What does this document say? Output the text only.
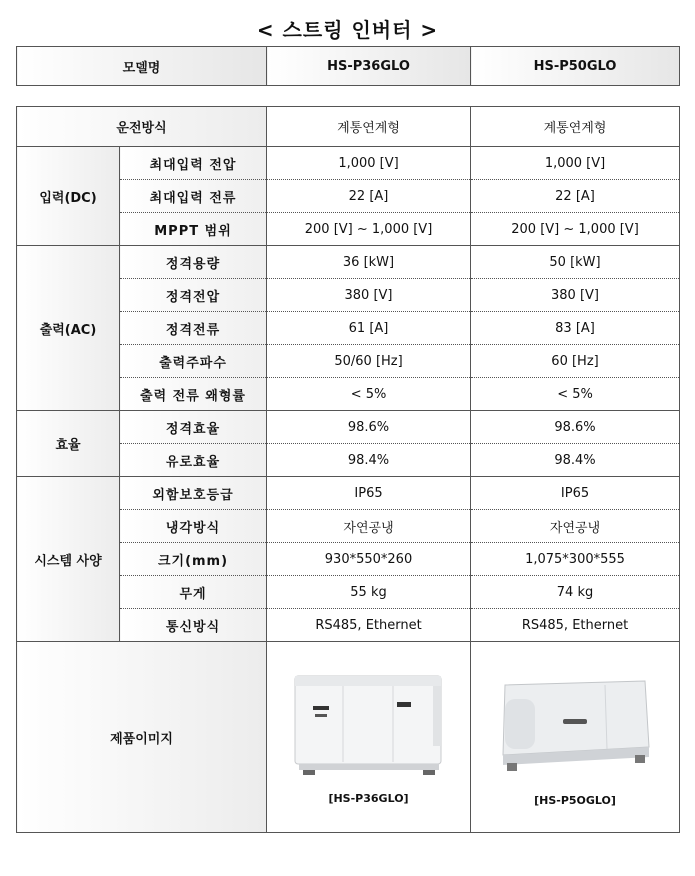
< 스트링 인버터 >
모델명	HS-P36GLO	HS-P50GLO
운전방식		계통연계형	계통연계형
입력(DC)	최대입력 전압	1,000 [V]	1,000 [V]
	최대입력 전류	22 [A]	22 [A]
	MPPT 범위	200 [V] ~ 1,000 [V]	200 [V] ~ 1,000 [V]
출력(AC)	정격용량	36 [kW]	50 [kW]
	정격전압	380 [V]	380 [V]
	정격전류	61 [A]	83 [A]
	출력주파수	50/60 [Hz]	60 [Hz]
	출력 전류 왜형률	< 5%	< 5%
효율	정격효율	98.6%	98.6%
	유로효율	98.4%	98.4%
시스템 사양	외함보호등급	IP65	IP65
	냉각방식	자연공냉	자연공냉
	크기(mm)	930*550*260	1,075*300*555
	무게	55 kg	74 kg
	통신방식	RS485, Ethernet	RS485, Ethernet
제품이미지		[HS-P36GLO]	[HS-P5OGLO]
